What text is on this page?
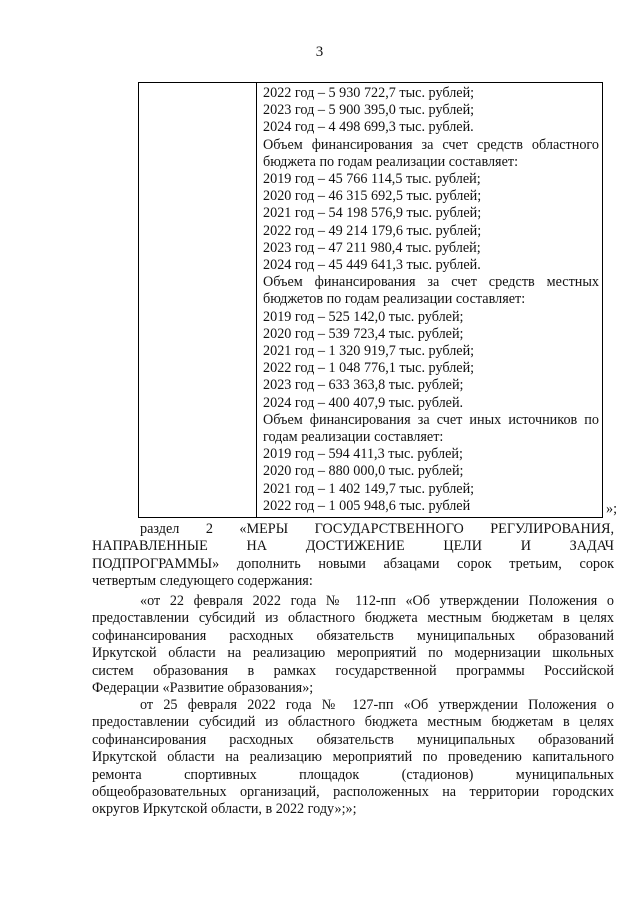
3
2022 год – 5 930 722,7 тыс. рублей;
2023 год – 5 900 395,0 тыс. рублей;
2024 год – 4 498 699,3 тыс. рублей.
Объем финансирования за счет средств областного
бюджета по годам реализации составляет:
2019 год – 45 766 114,5 тыс. рублей;
2020 год – 46 315 692,5 тыс. рублей;
2021 год – 54 198 576,9 тыс. рублей;
2022 год – 49 214 179,6 тыс. рублей;
2023 год – 47 211 980,4 тыс. рублей;
2024 год – 45 449 641,3 тыс. рублей.
Объем финансирования за счет средств местных
бюджетов по годам реализации составляет:
2019 год – 525 142,0 тыс. рублей;
2020 год – 539 723,4 тыс. рублей;
2021 год – 1 320 919,7 тыс. рублей;
2022 год – 1 048 776,1 тыс. рублей;
2023 год – 633 363,8 тыс. рублей;
2024 год – 400 407,9 тыс. рублей.
Объем финансирования за счет иных источников по
годам реализации составляет:
2019 год – 594 411,3 тыс. рублей;
2020 год – 880 000,0 тыс. рублей;
2021 год – 1 402 149,7 тыс. рублей;
2022 год – 1 005 948,6 тыс. рублей	»;
раздел 2 «МЕРЫ ГОСУДАРСТВЕННОГО РЕГУЛИРОВАНИЯ,
НАПРАВЛЕННЫЕ НА ДОСТИЖЕНИЕ ЦЕЛИ И ЗАДАЧ
ПОДПРОГРАММЫ» дополнить новыми абзацами сорок третьим, сорок
четвертым следующего содержания:
«от 22 февраля 2022 года № 112-пп «Об утверждении Положения о
предоставлении субсидий из областного бюджета местным бюджетам в целях
софинансирования расходных обязательств муниципальных образований
Иркутской области на реализацию мероприятий по модернизации школьных
систем образования в рамках государственной программы Российской
Федерации «Развитие образования»;
от 25 февраля 2022 года № 127-пп «Об утверждении Положения о
предоставлении субсидий из областного бюджета местным бюджетам в целях
софинансирования расходных обязательств муниципальных образований
Иркутской области на реализацию мероприятий по проведению капитального
ремонта спортивных площадок (стадионов) муниципальных
общеобразовательных организаций, расположенных на территории городских
округов Иркутской области, в 2022 году»;»;
